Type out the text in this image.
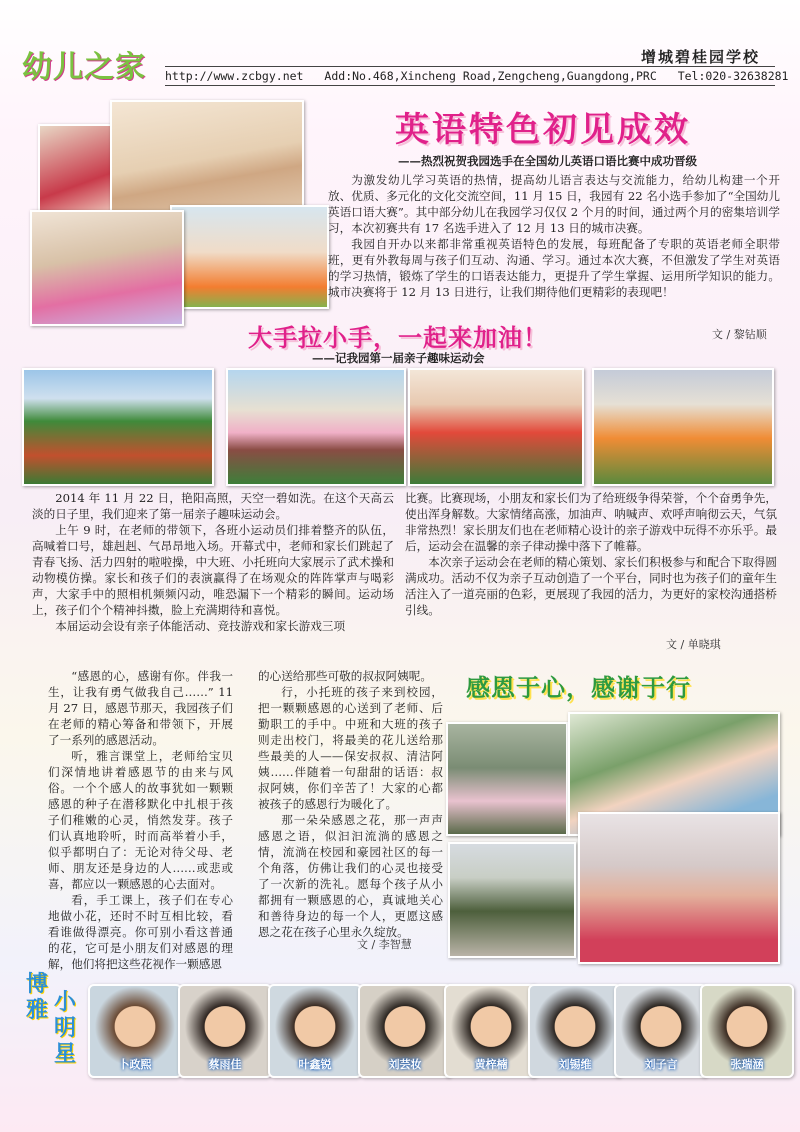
幼儿之家	增城碧桂园学校
http://www.zcbgy.net Add:No.468,Xincheng Road,Zengcheng,Guangdong,PRC Tel:020-32638281
英语特色初见成效
——热烈祝贺我园选手在全国幼儿英语口语比赛中成功晋级

为激发幼儿学习英语的热情，提高幼儿语言表达与交流能力，给幼儿构建一个开放、优质、多元化的文化交流空间，11 月 15 日，我园有 22 名小选手参加了“全国幼儿英语口语大赛”。其中部分幼儿在我园学习仅仅 2 个月的时间，通过两个月的密集培训学习，本次初赛共有 17 名选手进入了 12 月 13 日的城市决赛。

我园自开办以来都非常重视英语特色的发展，每班配备了专职的英语老师全职带班，更有外教每周与孩子们互动、沟通、学习。通过本次大赛，不但激发了学生对英语的学习热情，锻炼了学生的口语表达能力，更提升了学生掌握、运用所学知识的能力。城市决赛将于 12 月 13 日进行，让我们期待他们更精彩的表现吧！

文 / 黎钻顺
大手拉小手，一起来加油！
——记我园第一届亲子趣味运动会

2014 年 11 月 22 日，艳阳高照，天空一碧如洗。在这个天高云淡的日子里，我们迎来了第一届亲子趣味运动会。

上午 9 时，在老师的带领下，各班小运动员们排着整齐的队伍，高喊着口号，雄赳赳、气昂昂地入场。开幕式中，老师和家长们跳起了青春飞扬、活力四射的啦啦操，中大班、小托班向大家展示了武术操和动物模仿操。家长和孩子们的表演赢得了在场观众的阵阵掌声与喝彩声，大家手中的照相机频频闪动，唯恐漏下一个精彩的瞬间。运动场上，孩子们个个精神抖擞，脸上充满期待和喜悦。

本届运动会设有亲子体能活动、竞技游戏和家长游戏三项

比赛。比赛现场，小朋友和家长们为了给班级争得荣誉，个个奋勇争先，使出浑身解数。大家情绪高涨，加油声、呐喊声、欢呼声响彻云天，气氛非常热烈！家长朋友们也在老师精心设计的亲子游戏中玩得不亦乐乎。最后，运动会在温馨的亲子律动操中落下了帷幕。

本次亲子运动会在老师的精心策划、家长们积极参与和配合下取得圆满成功。活动不仅为亲子互动创造了一个平台，同时也为孩子们的童年生活注入了一道亮丽的色彩，更展现了我园的活力，为更好的家校沟通搭桥引线。

文 / 单晓琪
感恩于心，感谢于行

“感恩的心，感谢有你。伴我一生，让我有勇气做我自己……” 11 月 27 日，感恩节那天，我园孩子们在老师的精心筹备和带领下，开展了一系列的感恩活动。

听，雅言课堂上，老师给宝贝们深情地讲着感恩节的由来与风俗。一个个感人的故事犹如一颗颗感恩的种子在潜移默化中扎根于孩子们稚嫩的心灵，悄然发芽。孩子们认真地聆听，时而高举着小手，似乎都明白了：无论对待父母、老师、朋友还是身边的人……或悲或喜，都应以一颗感恩的心去面对。

看，手工课上，孩子们在专心地做小花，还时不时互相比较，看看谁做得漂亮。你可别小看这普通的花，它可是小朋友们对感恩的理解，他们将把这些花视作一颗感恩

的心送给那些可敬的叔叔阿姨呢。

行，小托班的孩子来到校园，把一颗颗感恩的心送到了老师、后勤职工的手中。中班和大班的孩子则走出校门，将最美的花儿送给那些最美的人——保安叔叔、清洁阿姨……伴随着一句甜甜的话语：叔叔阿姨，你们辛苦了！大家的心都被孩子的感恩行为暖化了。

那一朵朵感恩之花，那一声声感恩之语，似汩汩流淌的感恩之情，流淌在校园和豪园社区的每一个角落，仿佛让我们的心灵也接受了一次新的洗礼。愿每个孩子从小都拥有一颗感恩的心，真诚地关心和善待身边的每一个人，更愿这感恩之花在孩子心里永久绽放。

文 / 李智慧
博
雅 小
明
星	卜政熙	蔡雨佳	叶鑫锐	刘芸妆	黄梓楠	刘锡维	刘子言	张瑞涵
